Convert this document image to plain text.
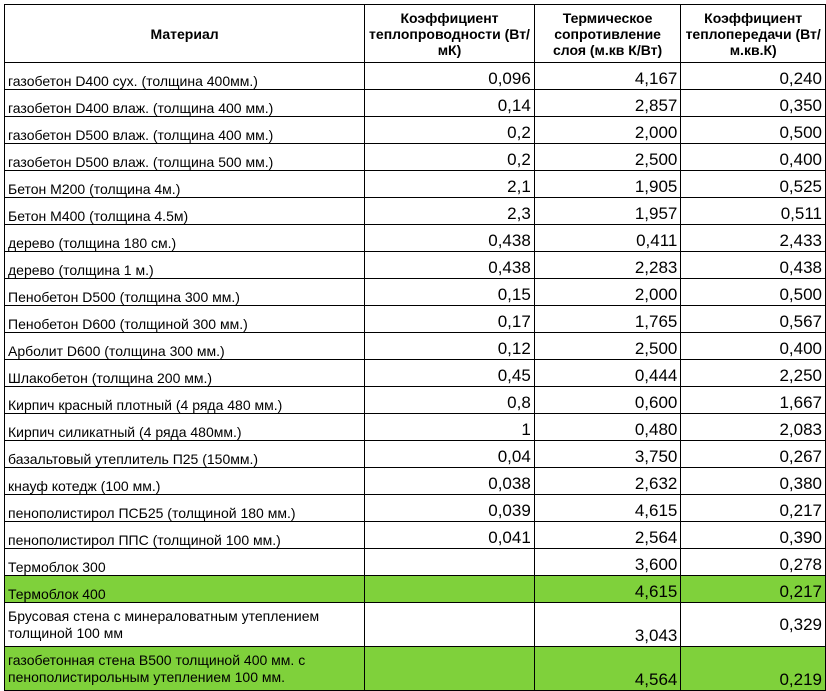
Материал	Коэффициент теплопроводности (Вт/мК)	Термическое сопротивление слоя (м.кв К/Вт)	Коэффициент теплопередачи (Вт/м.кв.К)
газобетон D400 сух. (толщина 400мм.)	0,096	4,167	0,240
газобетон D400 влаж. (толщина 400 мм.)	0,14	2,857	0,350
газобетон D500 влаж. (толщина 400 мм.)	0,2	2,000	0,500
газобетон D500 влаж. (толщина 500 мм.)	0,2	2,500	0,400
Бетон М200 (толщина 4м.)	2,1	1,905	0,525
Бетон М400 (толщина 4.5м)	2,3	1,957	0,511
дерево (толщина 180 см.)	0,438	0,411	2,433
дерево (толщина 1 м.)	0,438	2,283	0,438
Пенобетон D500 (толщина 300 мм.)	0,15	2,000	0,500
Пенобетон D600 (толщиной 300 мм.)	0,17	1,765	0,567
Арболит D600 (толщина 300 мм.)	0,12	2,500	0,400
Шлакобетон (толщина 200 мм.)	0,45	0,444	2,250
Кирпич красный плотный (4 ряда 480 мм.)	0,8	0,600	1,667
Кирпич силикатный (4 ряда 480мм.)	1	0,480	2,083
базальтовый утеплитель П25 (150мм.)	0,04	3,750	0,267
кнауф котедж (100 мм.)	0,038	2,632	0,380
пенополистирол ПСБ25 (толщиной 180 мм.)	0,039	4,615	0,217
пенополистирол ППС (толщиной 100 мм.)	0,041	2,564	0,390
Термоблок 300		3,600	0,278
Термоблок 400		4,615	0,217
Брусовая стена с минераловатным утеплением толщиной 100 мм		3,043	0,329
газобетонная стена В500 толщиной 400 мм. с пенополистирольным утеплением 100 мм.		4,564	0,219
